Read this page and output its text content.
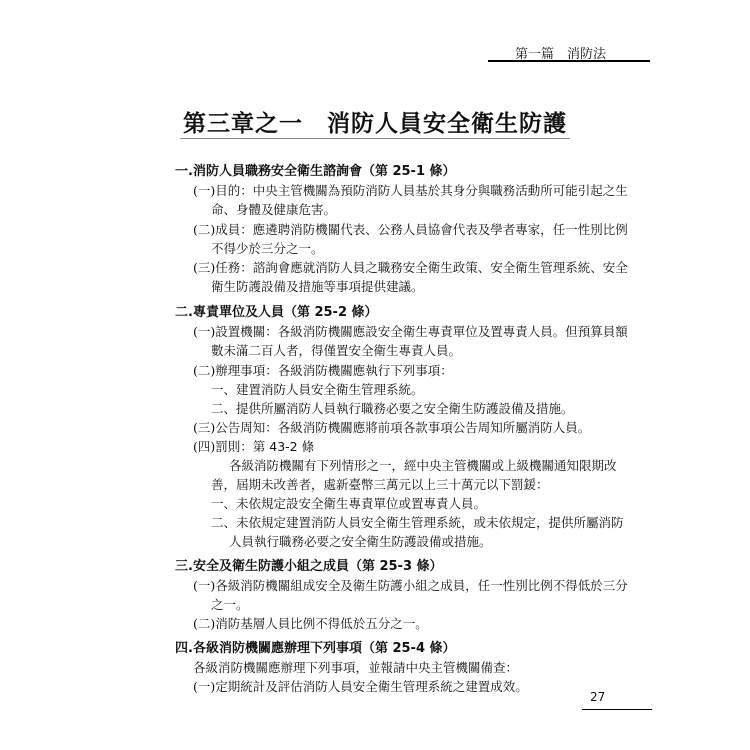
第一篇　消防法
第三章之一　消防人員安全衛生防護
一.消防人員職務安全衛生諮詢會（第 25-1 條）
(一)目的：中央主管機關為預防消防人員基於其身分與職務活動所可能引起之生
命、身體及健康危害。
(二)成員：應遴聘消防機關代表、公務人員協會代表及學者專家，任一性別比例
不得少於三分之一。
(三)任務：諮詢會應就消防人員之職務安全衛生政策、安全衛生管理系統、安全
衛生防護設備及措施等事項提供建議。
二.專責單位及人員（第 25-2 條）
(一)設置機關：各級消防機關應設安全衛生專責單位及置專責人員。但預算員額
數未滿二百人者，得僅置安全衛生專責人員。
(二)辦理事項：各級消防機關應執行下列事項：
一、建置消防人員安全衛生管理系統。
二、提供所屬消防人員執行職務必要之安全衛生防護設備及措施。
(三)公告周知：各級消防機關應將前項各款事項公告周知所屬消防人員。
(四)罰則：第 43-2 條
各級消防機關有下列情形之一，經中央主管機關或上級機關通知限期改
善，屆期未改善者，處新臺幣三萬元以上三十萬元以下罰鍰：
一、未依規定設安全衛生專責單位或置專責人員。
二、未依規定建置消防人員安全衛生管理系統，或未依規定，提供所屬消防
人員執行職務必要之安全衛生防護設備或措施。
三.安全及衛生防護小組之成員（第 25-3 條）
(一)各級消防機關組成安全及衛生防護小組之成員，任一性別比例不得低於三分
之一。
(二)消防基層人員比例不得低於五分之一。
四.各級消防機關應辦理下列事項（第 25-4 條）
各級消防機關應辦理下列事項，並報請中央主管機關備查：
(一)定期統計及評估消防人員安全衛生管理系統之建置成效。
27
